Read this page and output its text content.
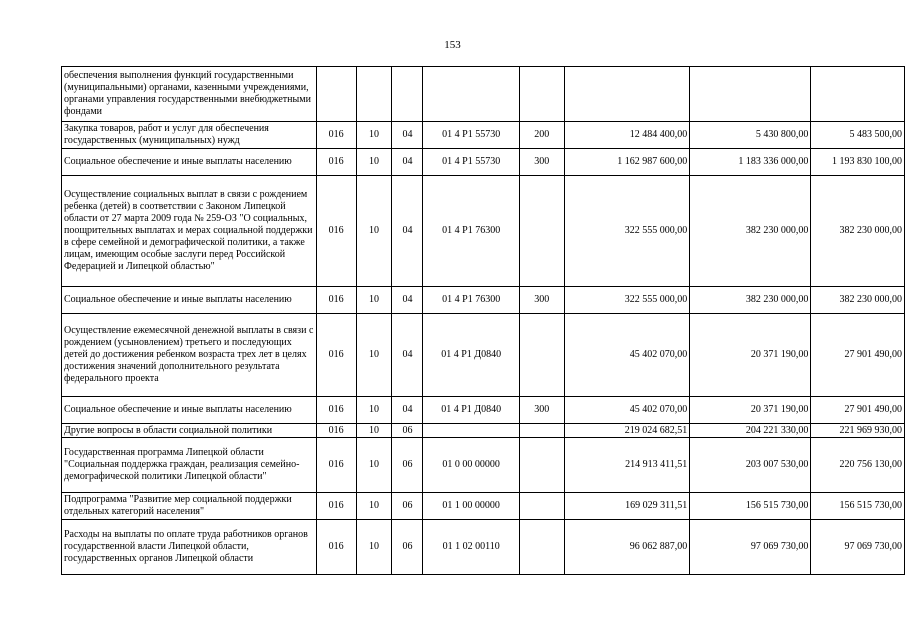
153
обеспечения выполнения функций государственными (муниципальными) органами, казенными учреждениями, органами управления государственными внебюджетными фондами								
Закупка товаров, работ и услуг для обеспечения государственных (муниципальных) нужд	016	10	04	01 4 Р1 55730	200	12 484 400,00	5 430 800,00	5 483 500,00
Социальное обеспечение и иные выплаты населению	016	10	04	01 4 Р1 55730	300	1 162 987 600,00	1 183 336 000,00	1 193 830 100,00
Осуществление социальных выплат в связи с рождением ребенка (детей) в соответствии с Законом Липецкой области от 27 марта 2009 года № 259-ОЗ "О социальных, поощрительных выплатах и мерах социальной поддержки в сфере семейной и демографической политики, а также лицам, имеющим особые заслуги перед Российской Федерацией и Липецкой областью"	016	10	04	01 4 Р1 76300		322 555 000,00	382 230 000,00	382 230 000,00
Социальное обеспечение и иные выплаты населению	016	10	04	01 4 Р1 76300	300	322 555 000,00	382 230 000,00	382 230 000,00
Осуществление ежемесячной денежной выплаты в связи с рождением (усыновлением) третьего и последующих детей до достижения ребенком возраста трех лет в целях достижения значений дополнительного результата федерального проекта	016	10	04	01 4 Р1 Д0840		45 402 070,00	20 371 190,00	27 901 490,00
Социальное обеспечение и иные выплаты населению	016	10	04	01 4 Р1 Д0840	300	45 402 070,00	20 371 190,00	27 901 490,00
Другие вопросы в области социальной политики	016	10	06			219 024 682,51	204 221 330,00	221 969 930,00
Государственная программа Липецкой области "Социальная поддержка граждан, реализация семейно-демографической политики Липецкой области"	016	10	06	01 0 00 00000		214 913 411,51	203 007 530,00	220 756 130,00
Подпрограмма "Развитие мер социальной поддержки отдельных категорий населения"	016	10	06	01 1 00 00000		169 029 311,51	156 515 730,00	156 515 730,00
Расходы на выплаты по оплате труда работников органов государственной власти Липецкой области, государственных органов Липецкой области	016	10	06	01 1 02 00110		96 062 887,00	97 069 730,00	97 069 730,00
